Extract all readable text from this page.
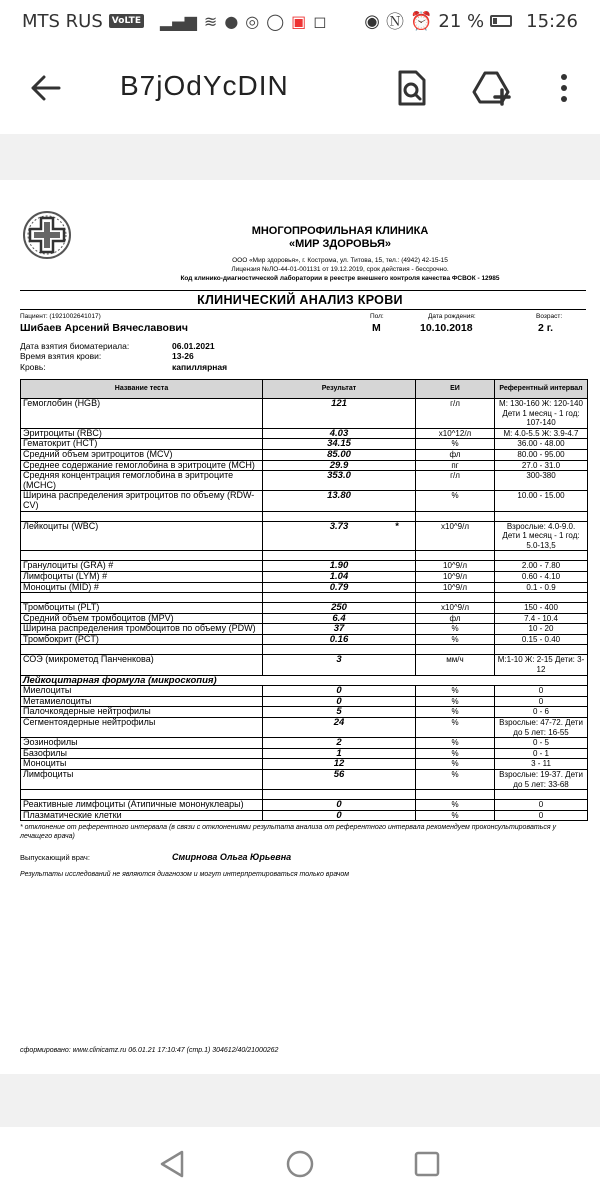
MTS RUS	VoLTE ▂▄▆ ≋ ● ◎ ◯ ▣ ◻ ◉ Ⓝ ⏰ 21 % 15:26
B7jOdYcDIN
МНОГОПРОФИЛЬНАЯ КЛИНИКА
«МИР ЗДОРОВЬЯ»
ООО «Мир здоровья», г. Кострома, ул. Титова, 15, тел.: (4942) 42-15-15
Лицензия №ЛО-44-01-001131 от 19.12.2019, срок действия - бессрочно.
Код клинико-диагностической лаборатории в реестре внешнего контроля качества ФСВОК - 12985
КЛИНИЧЕСКИЙ АНАЛИЗ КРОВИ
Пациент: (1921002641017)
Шибаев Арсений Вячеславович
Пол:
М
Дата рождения:
10.10.2018
Возраст:
2 г.
Дата взятия биоматериала:	06.01.2021
Время взятия крови:	13-26
Кровь:	капиллярная
Название теста	Результат	ЕИ	Референтный интервал
Гемоглобин (HGB)	121	г/л	М: 130-160 Ж: 120-140 Дети 1 месяц - 1 год: 107-140
Эритроциты (RBC)	4.03	x10^12/л	М: 4.0-5.5 Ж: 3.9-4.7
Гематокрит (HCT)	34.15	%	36.00 - 48.00
Средний объем эритроцитов (MCV)	85.00	фл	80.00 - 95.00
Среднее содержание гемоглобина в эритроците (MCH)	29.9	пг	27.0 - 31.0
Средняя концентрация гемоглобина в эритроците (MCHC)	353.0	г/л	300-380
Ширина распределения эритроцитов по объему (RDW-CV)	13.80	%	10.00 - 15.00

Лейкоциты (WBC)	3.73 *	x10^9/л	Взрослые: 4.0-9.0. Дети 1 месяц - 1 год: 5.0-13,5

Гранулоциты (GRA) #	1.90	10^9/л	2.00 - 7.80
Лимфоциты (LYM) #	1.04	10^9/л	0.60 - 4.10
Моноциты (MID) #	0.79	10^9/л	0.1 - 0.9

Тромбоциты (PLT)	250	x10^9/л	150 - 400
Средний объем тромбоцитов (MPV)	6.4	фл	7.4 - 10.4
Ширина распределения тромбоцитов по объему (PDW)	37	%	10 - 20
Тромбокрит (PCT)	0.16	%	0.15 - 0.40

СОЭ (микрометод Панченкова)	3	мм/ч	М:1-10 Ж: 2-15 Дети: 3-12
Лейкоцитарная формула (микроскопия)			
Миелоциты	0	%	0
Метамиелоциты	0	%	0
Палочкоядерные нейтрофилы	5	%	0 - 6
Сегментоядерные нейтрофилы	24	%	Взрослые: 47-72. Дети до 5 лет: 16-55
Эозинофилы	2	%	0 - 5
Базофилы	1	%	0 - 1
Моноциты	12	%	3 - 11
Лимфоциты	56	%	Взрослые: 19-37. Дети до 5 лет: 33-68

Реактивные лимфоциты (Атипичные мононуклеары)	0	%	0
Плазматические клетки	0	%	0
* отклонение от референтного интервала (в связи с отклонениями результата анализа от референтного интервала рекомендуем проконсультироваться у лечащего врача)
Выпускающий врач:	Смирнова Ольга Юрьевна
Результаты исследований не являются диагнозом и могут интерпретироваться только врачом
сформировано: www.clinicamz.ru 06.01.21 17:10:47 (стр.1) 304612/40/21000262
